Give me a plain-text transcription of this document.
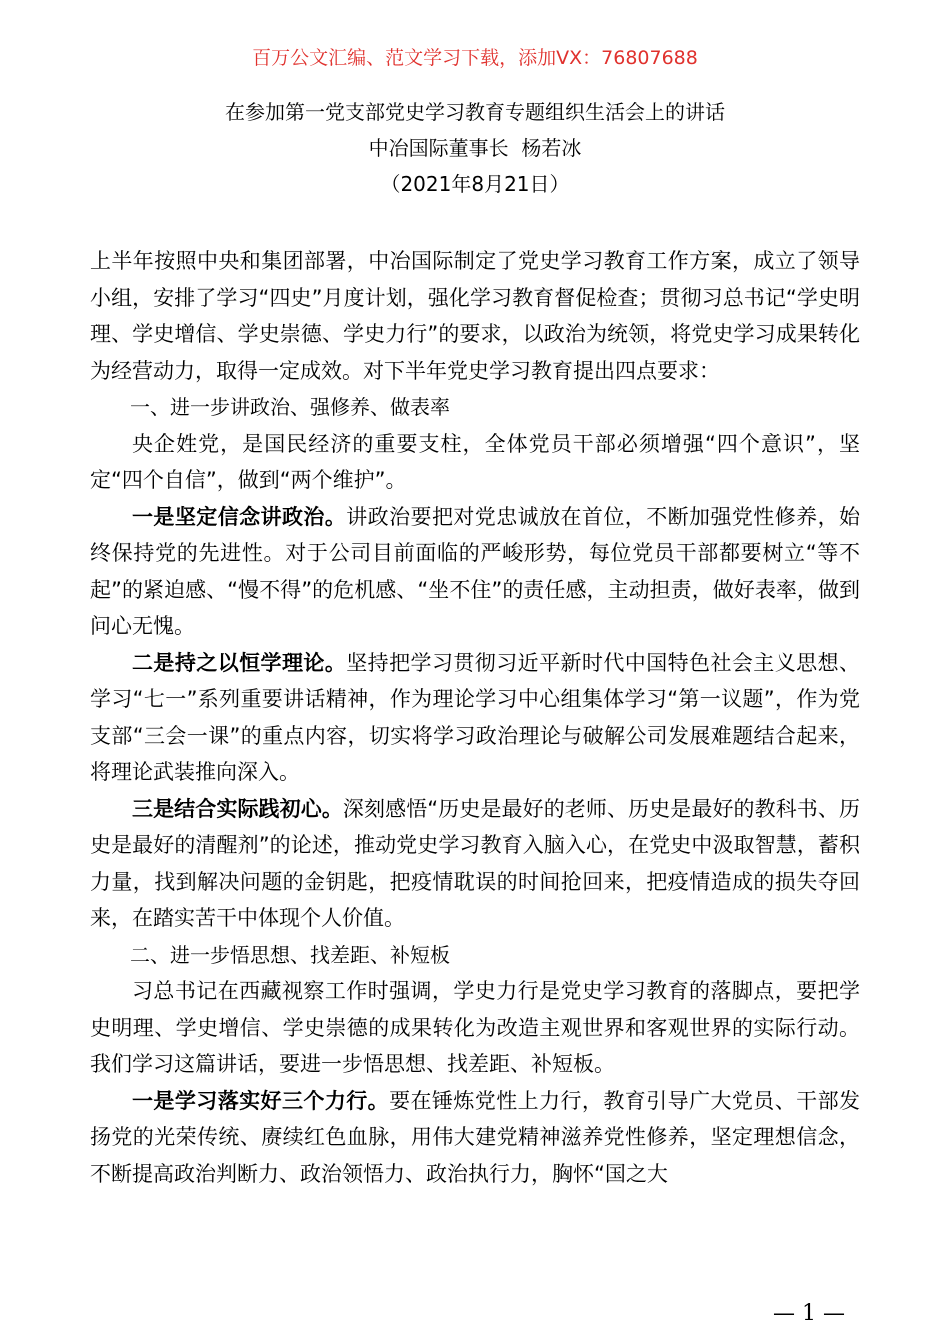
百万公文汇编、范文学习下载，添加VX：76807688
在参加第一党支部党史学习教育专题组织生活会上的讲话
中冶国际董事长  杨若冰
（2021年8月21日）

上半年按照中央和集团部署，中冶国际制定了党史学习教育工作方案，成立了领导小组，安排了学习“四史”月度计划，强化学习教育督促检查；贯彻习总书记“学史明理、学史增信、学史崇德、学史力行”的要求，以政治为统领，将党史学习成果转化为经营动力，取得一定成效。对下半年党史学习教育提出四点要求：

一、进一步讲政治、强修养、做表率

央企姓党，是国民经济的重要支柱，全体党员干部必须增强“四个意识”，坚定“四个自信”，做到“两个维护”。

一是坚定信念讲政治。讲政治要把对党忠诚放在首位，不断加强党性修养，始终保持党的先进性。对于公司目前面临的严峻形势，每位党员干部都要树立“等不起”的紧迫感、“慢不得”的危机感、“坐不住”的责任感，主动担责，做好表率，做到问心无愧。

二是持之以恒学理论。坚持把学习贯彻习近平新时代中国特色社会主义思想、学习“七一”系列重要讲话精神，作为理论学习中心组集体学习“第一议题”，作为党支部“三会一课”的重点内容，切实将学习政治理论与破解公司发展难题结合起来，将理论武装推向深入。

三是结合实际践初心。深刻感悟“历史是最好的老师、历史是最好的教科书、历史是最好的清醒剂”的论述，推动党史学习教育入脑入心，在党史中汲取智慧，蓄积力量，找到解决问题的金钥匙，把疫情耽误的时间抢回来，把疫情造成的损失夺回来，在踏实苦干中体现个人价值。

二、进一步悟思想、找差距、补短板

习总书记在西藏视察工作时强调，学史力行是党史学习教育的落脚点，要把学史明理、学史增信、学史崇德的成果转化为改造主观世界和客观世界的实际行动。我们学习这篇讲话，要进一步悟思想、找差距、补短板。

一是学习落实好三个力行。要在锤炼党性上力行，教育引导广大党员、干部发扬党的光荣传统、赓续红色血脉，用伟大建党精神滋养党性修养，坚定理想信念，不断提高政治判断力、政治领悟力、政治执行力，胸怀“国之大

— 1 —
